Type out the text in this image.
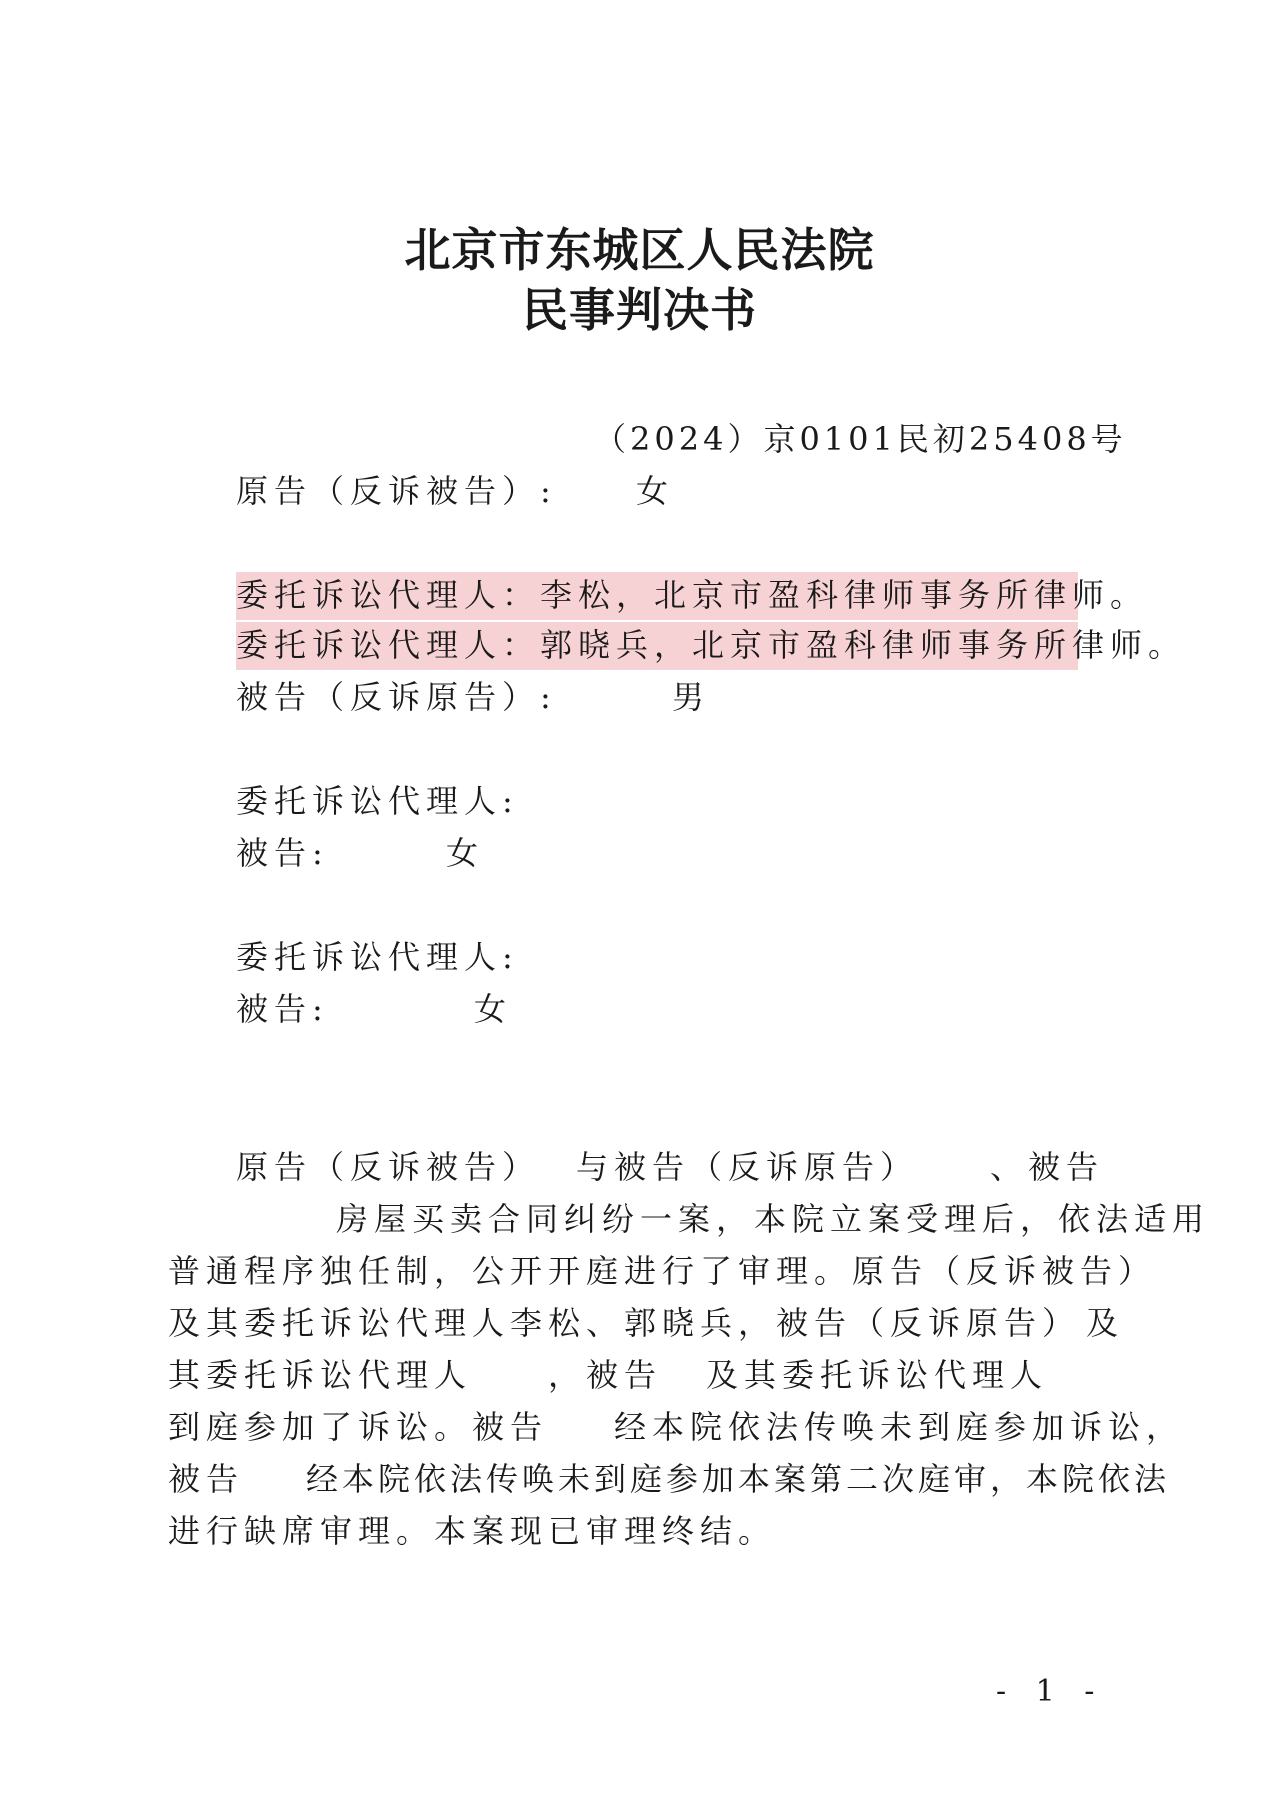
北京市东城区人民法院
民事判决书
（2024）京0101民初25408号
原告（反诉被告）: 女
委托诉讼代理人：李松，北京市盈科律师事务所律师。
委托诉讼代理人：郭晓兵，北京市盈科律师事务所律师。
被告（反诉原告）:	男
委托诉讼代理人:
被告:	女
委托诉讼代理人:
被告:	女
原告（反诉被告） 与被告（反诉原告） 、被告
房屋买卖合同纠纷一案，本院立案受理后，依法适用
普通程序独任制，公开开庭进行了审理。原告（反诉被告）
及其委托诉讼代理人李松、郭晓兵，被告（反诉原告） 及
其委托诉讼代理人 ，被告 及其委托诉讼代理人
到庭参加了诉讼。被告 经本院依法传唤未到庭参加诉讼，
被告 经本院依法传唤未到庭参加本案第二次庭审，本院依法
进行缺席审理。本案现已审理终结。
- 1 -
